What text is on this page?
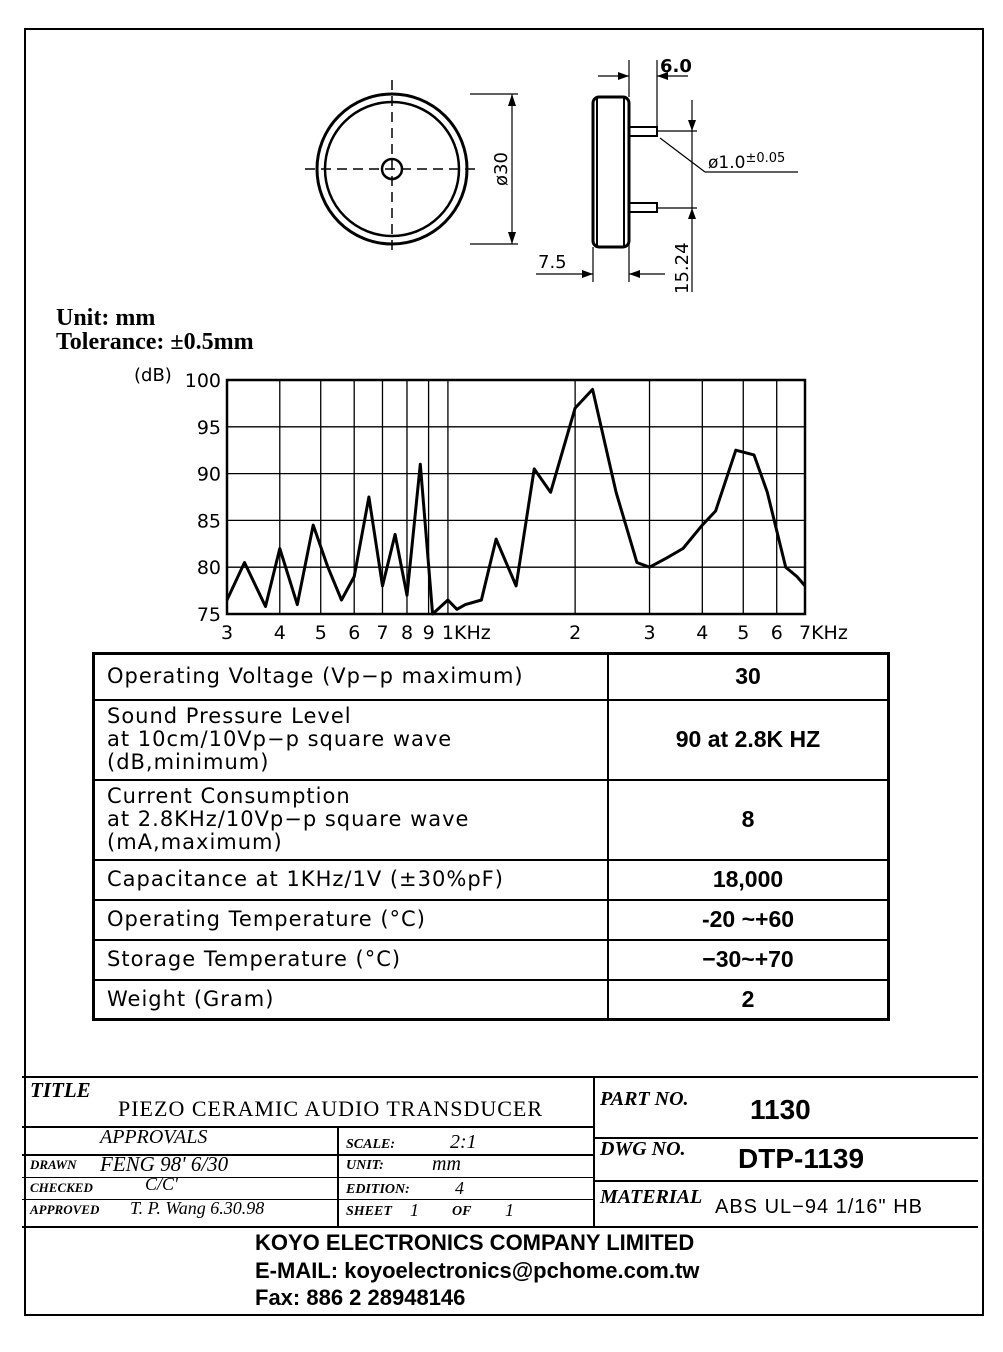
ø30
6.0
$ø1.0^{\pm 0.05}$
7.5	15.24
100
95
90
85
80
75
(dB)
3 4 5 6 7 8 9 1KHz	2	3 4 5 6 7KHz
Unit: mm
Tolerance: ±0.5mm
Operating Voltage (Vp−p maximum)	30
Sound Pressure Level
at 10cm/10Vp−p square wave
(dB,minimum)	90 at 2.8K HZ
Current Consumption
at 2.8KHz/10Vp−p square wave
(mA,maximum)	8
Capacitance at 1KHz/1V (±30%pF)	18,000
Operating Temperature (°C)	-20 ~+60
Storage Temperature (°C)	−30~+70
Weight (Gram)	2
TITLE
PIEZO CERAMIC AUDIO TRANSDUCER	PART NO. 1130
APPROVALS	SCALE:	2:1	DWG NO. DTP-1139
DRAWN FENG 98' 6/30	UNIT: mm
CHECKED	C/C'	EDITION:	4	MATERIAL ABS UL−94 1/16" HB
APPROVED T. P. Wang 6.30.98	SHEET 1 OF 1
KOYO ELECTRONICS COMPANY LIMITED
E-MAIL: koyoelectronics@pchome.com.tw
Fax: 886 2 28948146
